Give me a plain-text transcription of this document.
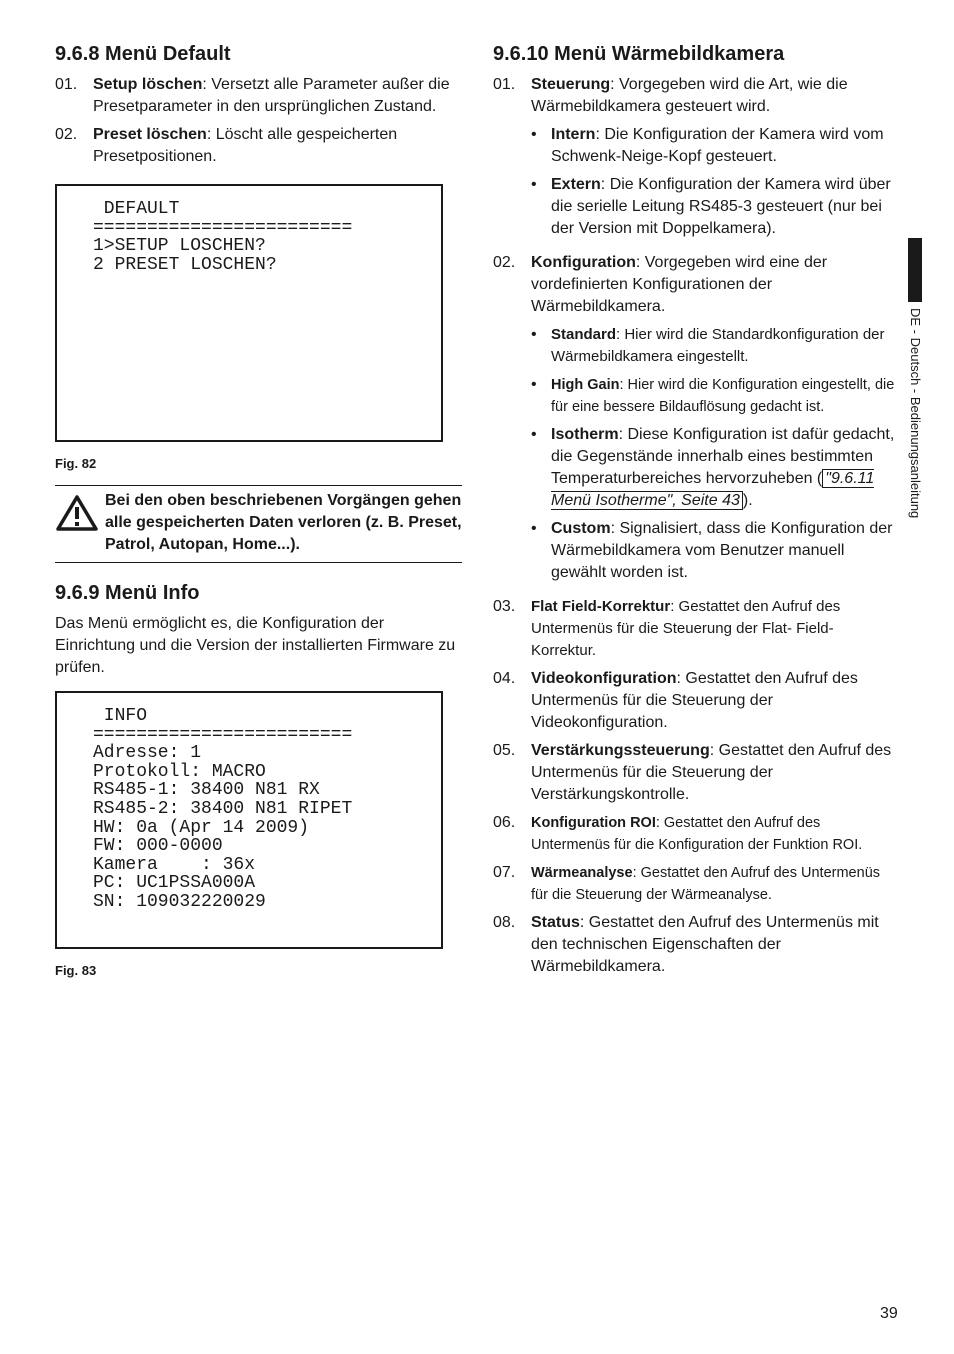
9.6.8 Menü Default
01. Setup löschen: Versetzt alle Parameter außer die Presetparameter in den ursprünglichen Zustand.
02. Preset löschen: Löscht alle gespeicherten Presetpositionen.
DEFAULT
========================
1>SETUP LOSCHEN?
2 PRESET LOSCHEN?
Fig. 82
Bei den oben beschriebenen Vorgängen gehen alle gespeicherten Daten verloren (z. B. Preset, Patrol, Autopan, Home...).
9.6.9 Menü Info

Das Menü ermöglicht es, die Konfiguration der Einrichtung und die Version der installierten Firmware zu prüfen.

INFO
========================
Adresse: 1
Protokoll: MACRO
RS485-1: 38400 N81 RX
RS485-2: 38400 N81 RIPET
HW: 0a (Apr 14 2009)
FW: 000-0000
Kamera    : 36x
PC: UC1PSSA000A
SN: 109032220029
Fig. 83
9.6.10 Menü Wärmebildkamera
01. Steuerung: Vorgegeben wird die Art, wie die Wärmebildkamera gesteuert wird.
• Intern: Die Konfiguration der Kamera wird vom Schwenk-Neige-Kopf gesteuert.
• Extern: Die Konfiguration der Kamera wird über die serielle Leitung RS485-3 gesteuert (nur bei der Version mit Doppelkamera).
02. Konfiguration: Vorgegeben wird eine der vordefinierten Konfigurationen der Wärmebildkamera.
• Standard: Hier wird die Standardkonfiguration der Wärmebildkamera eingestellt.
• High Gain: Hier wird die Konfiguration eingestellt, die für eine bessere Bildauflösung gedacht ist.
• Isotherm: Diese Konfiguration ist dafür gedacht, die Gegenstände innerhalb eines bestimmten Temperaturbereiches hervorzuheben ( "9.6.11 Menü Isotherme", Seite 43 ).
• Custom: Signalisiert, dass die Konfiguration der Wärmebildkamera vom Benutzer manuell gewählt worden ist.
03.	Flat Field-Korrektur: Gestattet den Aufruf des Untermenüs für die Steuerung der Flat- Field-Korrektur.
04. Videokonfiguration: Gestattet den Aufruf des Untermenüs für die Steuerung der Videokonfiguration.
05. Verstärkungssteuerung: Gestattet den Aufruf des Untermenüs für die Steuerung der Verstärkungskontrolle.
06.	Konfiguration ROI: Gestattet den Aufruf des Untermenüs für die Konfiguration der Funktion ROI.
07.	Wärmeanalyse: Gestattet den Aufruf des Untermenüs für die Steuerung der Wärmeanalyse.
08. Status: Gestattet den Aufruf des Untermenüs mit den technischen Eigenschaften der Wärmebildkamera.
DE - Deutsch - Bedienungsanleitung
39
